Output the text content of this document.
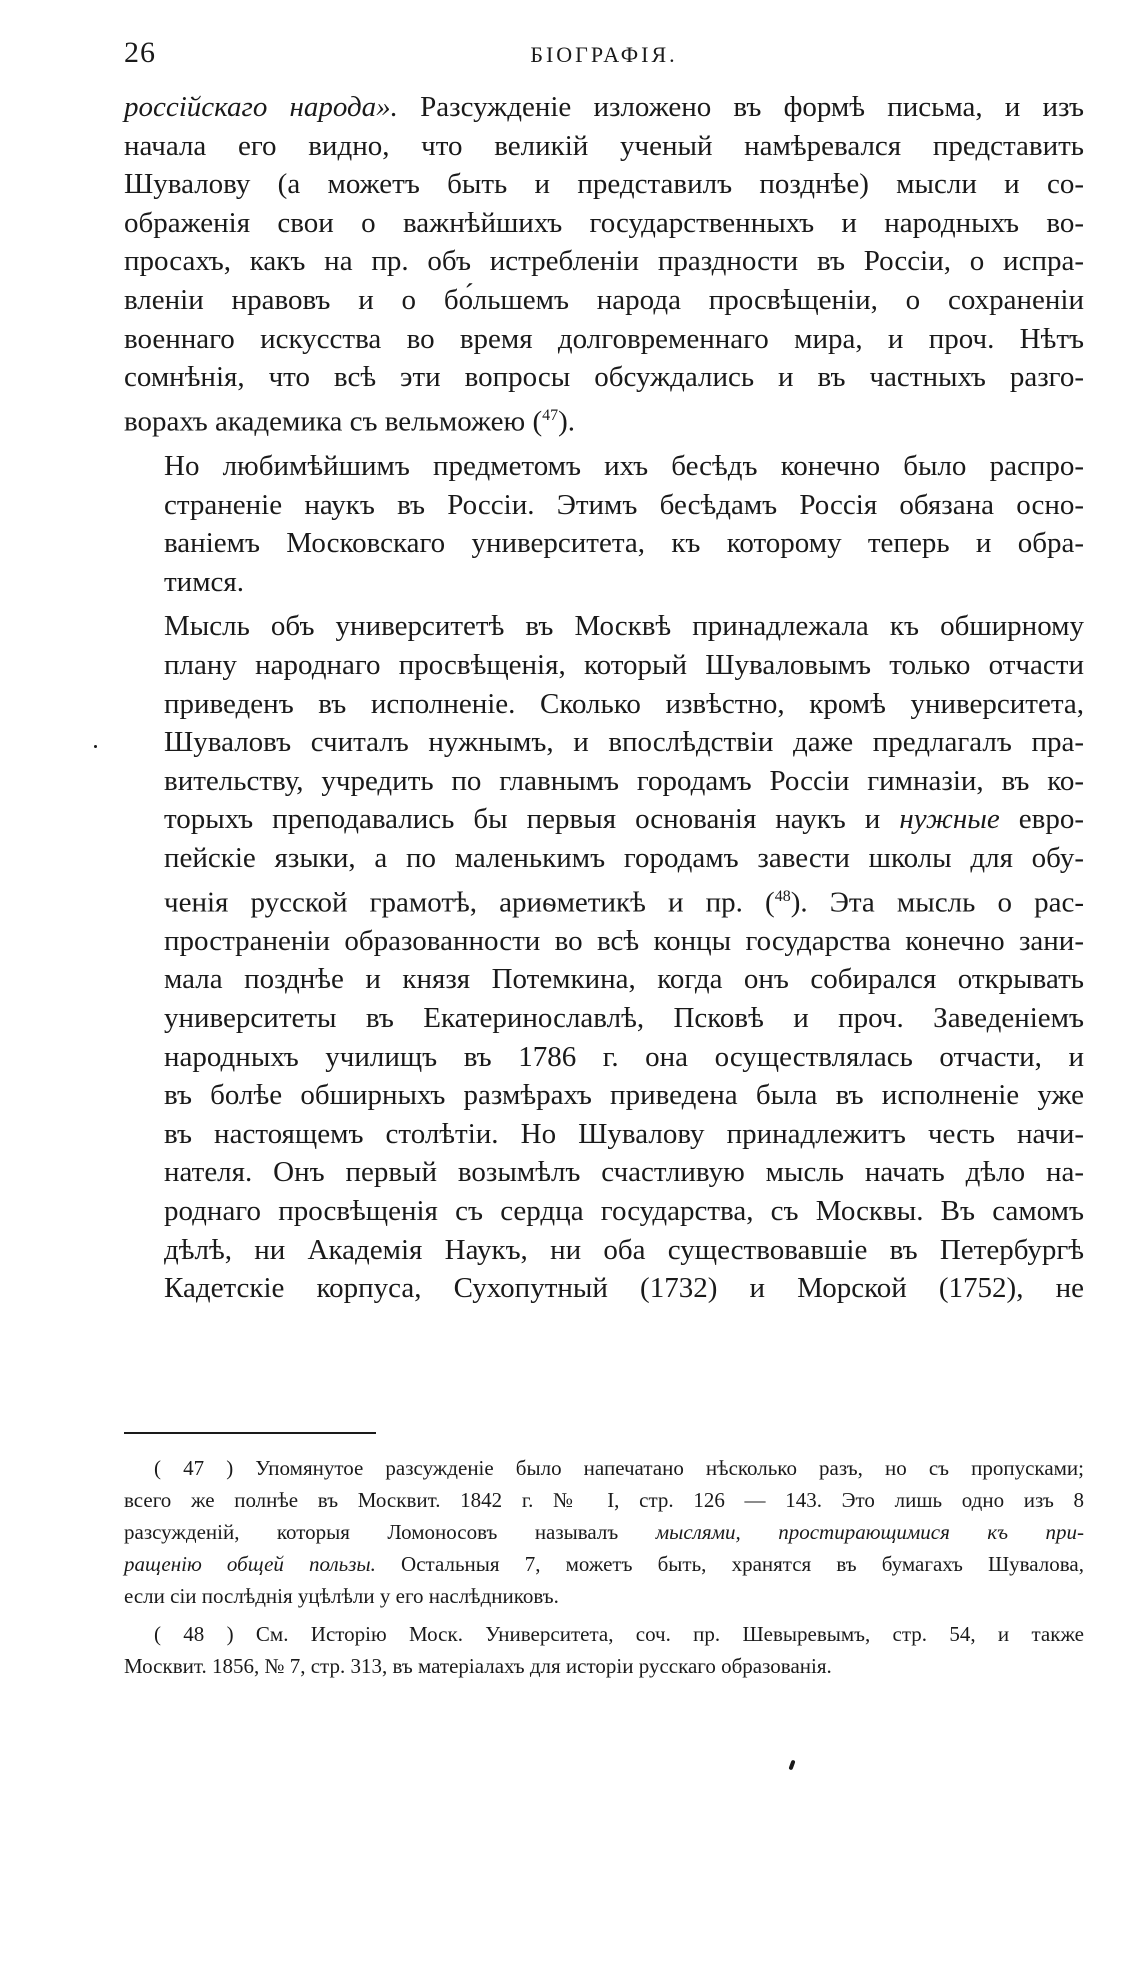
26	БІОГРАФІЯ.

россійскаго народа». Разсужденіе изложено въ формѣ письма, и изъ
начала его видно, что великій ученый намѣревался представить
Шувалову (а можетъ быть и представилъ позднѣе) мысли и со-
ображенія свои о важнѣйшихъ государственныхъ и народныхъ во-
просахъ, какъ на пр. объ истребленіи праздности въ Россіи, о испра-
вленіи нравовъ и о бо́льшемъ народа просвѣщеніи, о сохраненіи
военнаго искусства во время долговременнаго мира, и проч. Нѣтъ
сомнѣнія, что всѣ эти вопросы обсуждались и въ частныхъ разго-
ворахъ академика съ вельможею ($^{47}$).

Но любимѣйшимъ предметомъ ихъ бесѣдъ конечно было распро-
страненіе наукъ въ Россіи. Этимъ бесѣдамъ Россія обязана осно-
ваніемъ Московскаго университета, къ которому теперь и обра-
тимся.

Мысль объ университетѣ въ Москвѣ принадлежала къ обширному
плану народнаго просвѣщенія, который Шуваловымъ только отчасти
приведенъ въ исполненіе. Сколько извѣстно, кромѣ университета,
Шуваловъ считалъ нужнымъ, и впослѣдствіи даже предлагалъ пра-
вительству, учредить по главнымъ городамъ Россіи гимназіи, въ ко-
торыхъ преподавались бы первыя основанія наукъ и нужные евро-
пейскіе языки, а по маленькимъ городамъ завести школы для обу-
ченія русской грамотѣ, ариѳметикѣ и пр. ($^{48}$). Эта мысль о рас-
пространеніи образованности во всѣ концы государства конечно зани-
мала позднѣе и князя Потемкина, когда онъ собирался открывать
университеты въ Екатеринославлѣ, Псковѣ и проч. Заведеніемъ
народныхъ училищъ въ 1786 г. она осуществлялась отчасти, и
въ болѣе обширныхъ размѣрахъ приведена была въ исполненіе уже
въ настоящемъ столѣтіи. Но Шувалову принадлежитъ честь начи-
нателя. Онъ первый возымѣлъ счастливую мысль начать дѣло на-
роднаго просвѣщенія съ сердца государства, съ Москвы. Въ самомъ
дѣлѣ, ни Академія Наукъ, ни оба существовавшіе въ Петербургѣ
Кадетскіе корпуса, Сухопутный (1732) и Морской (1752), не

( 47 ) Упомянутое разсужденіе было напечатано нѣсколько разъ, но съ пропусками;
всего же полнѣе въ Москвит. 1842 г. № I, стр. 126 — 143. Это лишь одно изъ 8
разсужденій, которыя Ломоносовъ называлъ мыслями, простирающимися къ при-
ращенію общей пользы. Остальныя 7, можетъ быть, хранятся въ бумагахъ Шувалова,
если сіи послѣднія уцѣлѣли у его наслѣдниковъ.
( 48 ) См. Исторію Моск. Университета, соч. пр. Шевыревымъ, стр. 54, и также
Москвит. 1856, № 7, стр. 313, въ матеріалахъ для исторіи русскаго образованія.
